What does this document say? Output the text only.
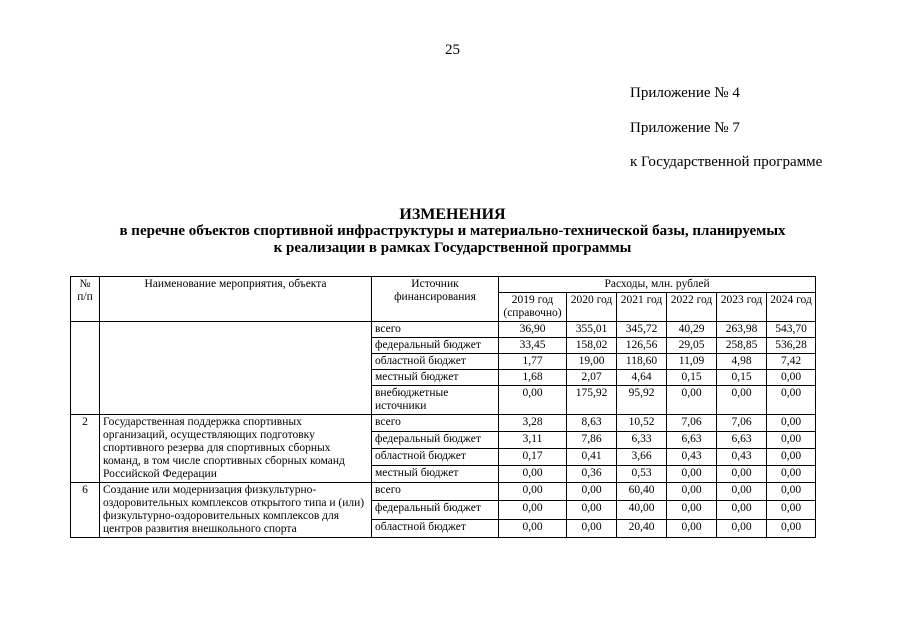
25
Приложение № 4
Приложение № 7
к Государственной программе
ИЗМЕНЕНИЯ
в перечне объектов спортивной инфраструктуры и материально-технической базы, планируемых
к реализации в рамках Государственной программы
№ п/п	Наименование мероприятия, объекта	Источник финансирования	Расходы, млн. рублей					
			2019 год (справочно)	2020 год	2021 год	2022 год	2023 год	2024 год
		всего	36,90	355,01	345,72	40,29	263,98	543,70
		федеральный бюджет	33,45	158,02	126,56	29,05	258,85	536,28
		областной бюджет	1,77	19,00	118,60	11,09	4,98	7,42
		местный бюджет	1,68	2,07	4,64	0,15	0,15	0,00
		внебюджетные источники	0,00	175,92	95,92	0,00	0,00	0,00
2	Государственная поддержка спортивных организаций, осуществляющих подготовку спортивного резерва для спортивных сборных команд, в том числе спортивных сборных команд Российской Федерации	всего	3,28	8,63	10,52	7,06	7,06	0,00
		федеральный бюджет	3,11	7,86	6,33	6,63	6,63	0,00
		областной бюджет	0,17	0,41	3,66	0,43	0,43	0,00
		местный бюджет	0,00	0,36	0,53	0,00	0,00	0,00
6	Создание или модернизация физкультурно-оздоровительных комплексов открытого типа и (или) физкультурно-оздоровительных комплексов для центров развития внешкольного спорта	всего	0,00	0,00	60,40	0,00	0,00	0,00
		федеральный бюджет	0,00	0,00	40,00	0,00	0,00	0,00
		областной бюджет	0,00	0,00	20,40	0,00	0,00	0,00
